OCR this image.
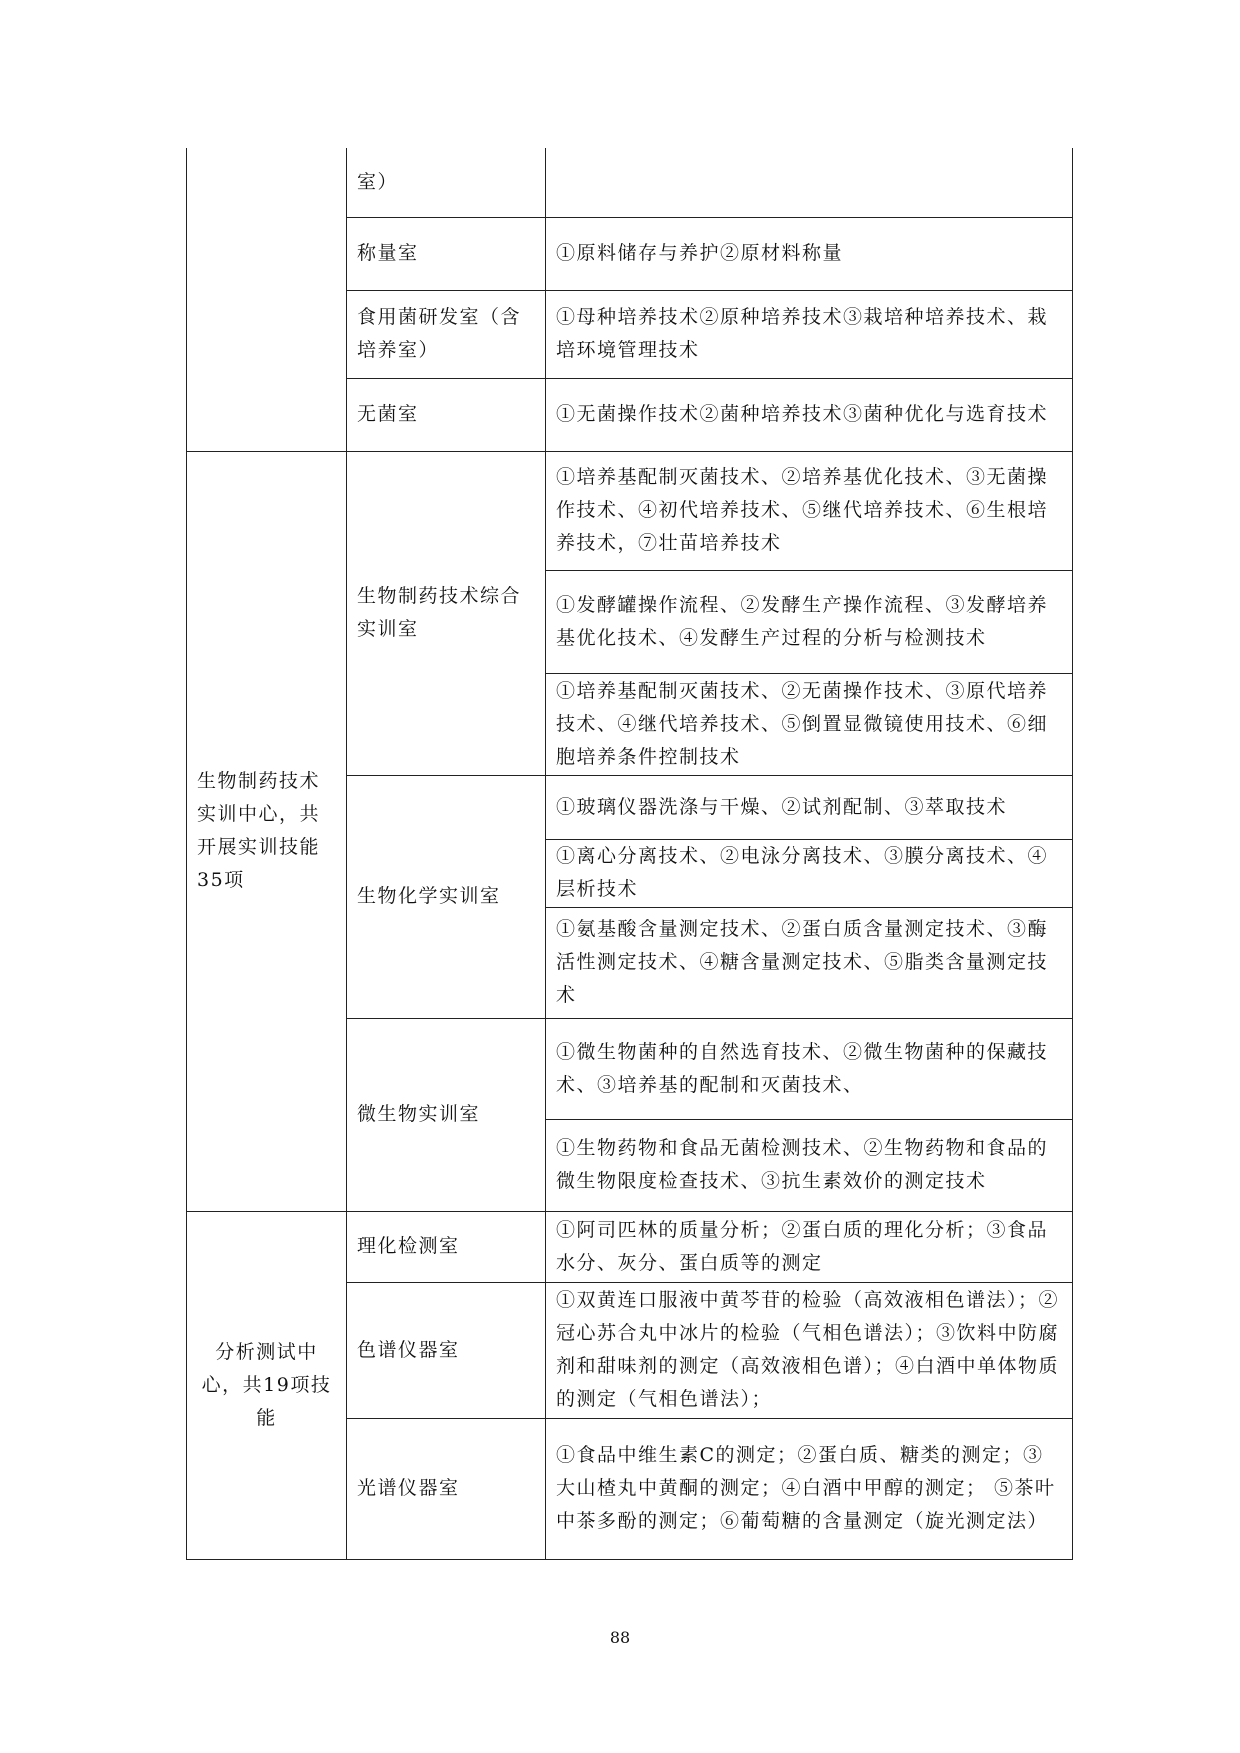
	室）	
	称量室	①原料储存与养护②原材料称量
	食用菌研发室（含培养室）	①母种培养技术②原种培养技术③栽培种培养技术、栽培环境管理技术
	无菌室	①无菌操作技术②菌种培养技术③菌种优化与选育技术
生物制药技术实训中心，共开展实训技能35项	生物制药技术综合实训室	①培养基配制灭菌技术、②培养基优化技术、③无菌操作技术、④初代培养技术、⑤继代培养技术、⑥生根培养技术，⑦壮苗培养技术
		①发酵罐操作流程、②发酵生产操作流程、③发酵培养基优化技术、④发酵生产过程的分析与检测技术
		①培养基配制灭菌技术、②无菌操作技术、③原代培养技术、④继代培养技术、⑤倒置显微镜使用技术、⑥细胞培养条件控制技术
	生物化学实训室	①玻璃仪器洗涤与干燥、②试剂配制、③萃取技术
		①离心分离技术、②电泳分离技术、③膜分离技术、④层析技术
		①氨基酸含量测定技术、②蛋白质含量测定技术、③酶活性测定技术、④糖含量测定技术、⑤脂类含量测定技术
	微生物实训室	①微生物菌种的自然选育技术、②微生物菌种的保藏技术、③培养基的配制和灭菌技术、
		①生物药物和食品无菌检测技术、②生物药物和食品的微生物限度检查技术、③抗生素效价的测定技术
分析测试中心，共19项技能	理化检测室	①阿司匹林的质量分析；②蛋白质的理化分析；③食品水分、灰分、蛋白质等的测定
	色谱仪器室	①双黄连口服液中黄芩苷的检验（高效液相色谱法）；②冠心苏合丸中冰片的检验（气相色谱法）；③饮料中防腐剂和甜味剂的测定（高效液相色谱）；④白酒中单体物质的测定（气相色谱法）；
	光谱仪器室	①食品中维生素C的测定；②蛋白质、糖类的测定；③大山楂丸中黄酮的测定；④白酒中甲醇的测定； ⑤茶叶中茶多酚的测定；⑥葡萄糖的含量测定（旋光测定法）
88
